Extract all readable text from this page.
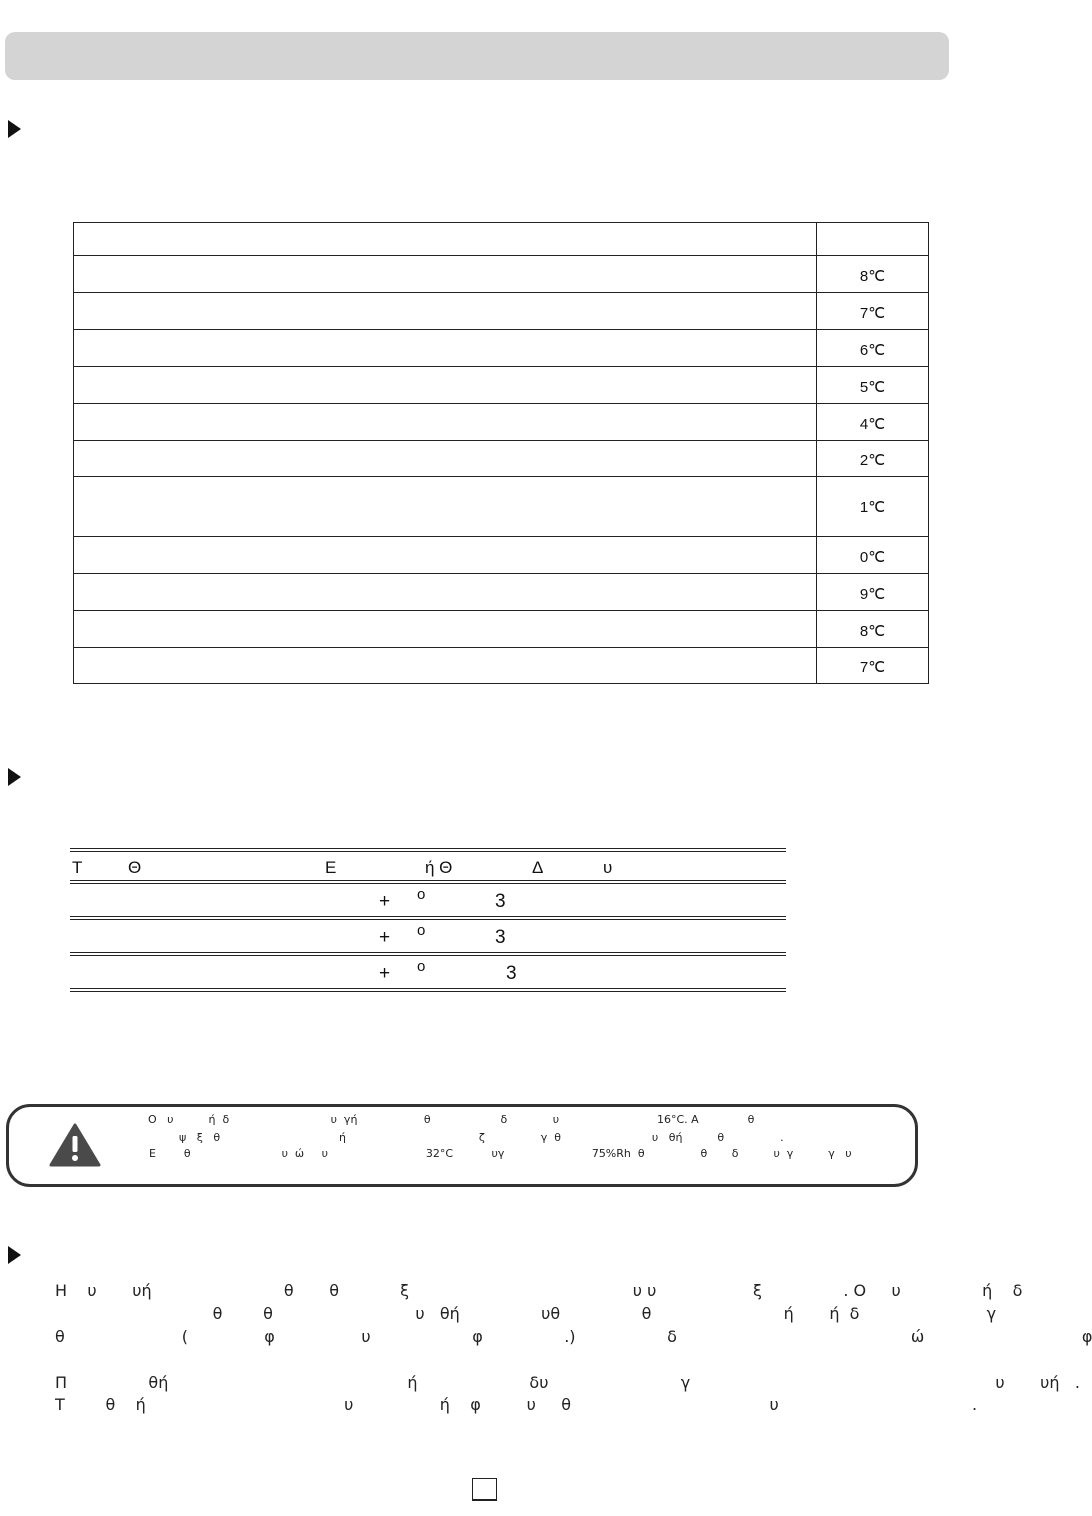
	8℃
	7℃
	6℃
	5℃
	4℃
	2℃
	1℃
	0℃
	9℃
	8℃
	7℃
Τ	Θ	Ε	ή Θ	Δ	υ
+ o	3
+ o	3
+ o	3
Ο   υ          ή  δ                             υ  γή                   θ                    δ             υ                            16°C. Α              θ
ψ   ξ   θ                                  ή                                      ζ                γ  θ                          υ   θή          θ                .
Ε        θ                          υ  ώ     υ                            32°C           υγ                         75%Rh  θ                θ       δ          υ  γ          γ   υ
Η    υ       υή                          θ       θ            ξ                                            υ υ                   ξ                . Ο     υ                ή    δ
θ        θ                            υ   θή                υθ                θ                          ή       ή  δ                         γ
θ                       (               φ                 υ                    φ                .)                  δ                                              ώ                               φ
Π                θή                                               ή                      δυ                          γ                                                            υ       υή   .
Τ        θ    ή                                       υ                 ή    φ         υ     θ                                       υ                                      .
